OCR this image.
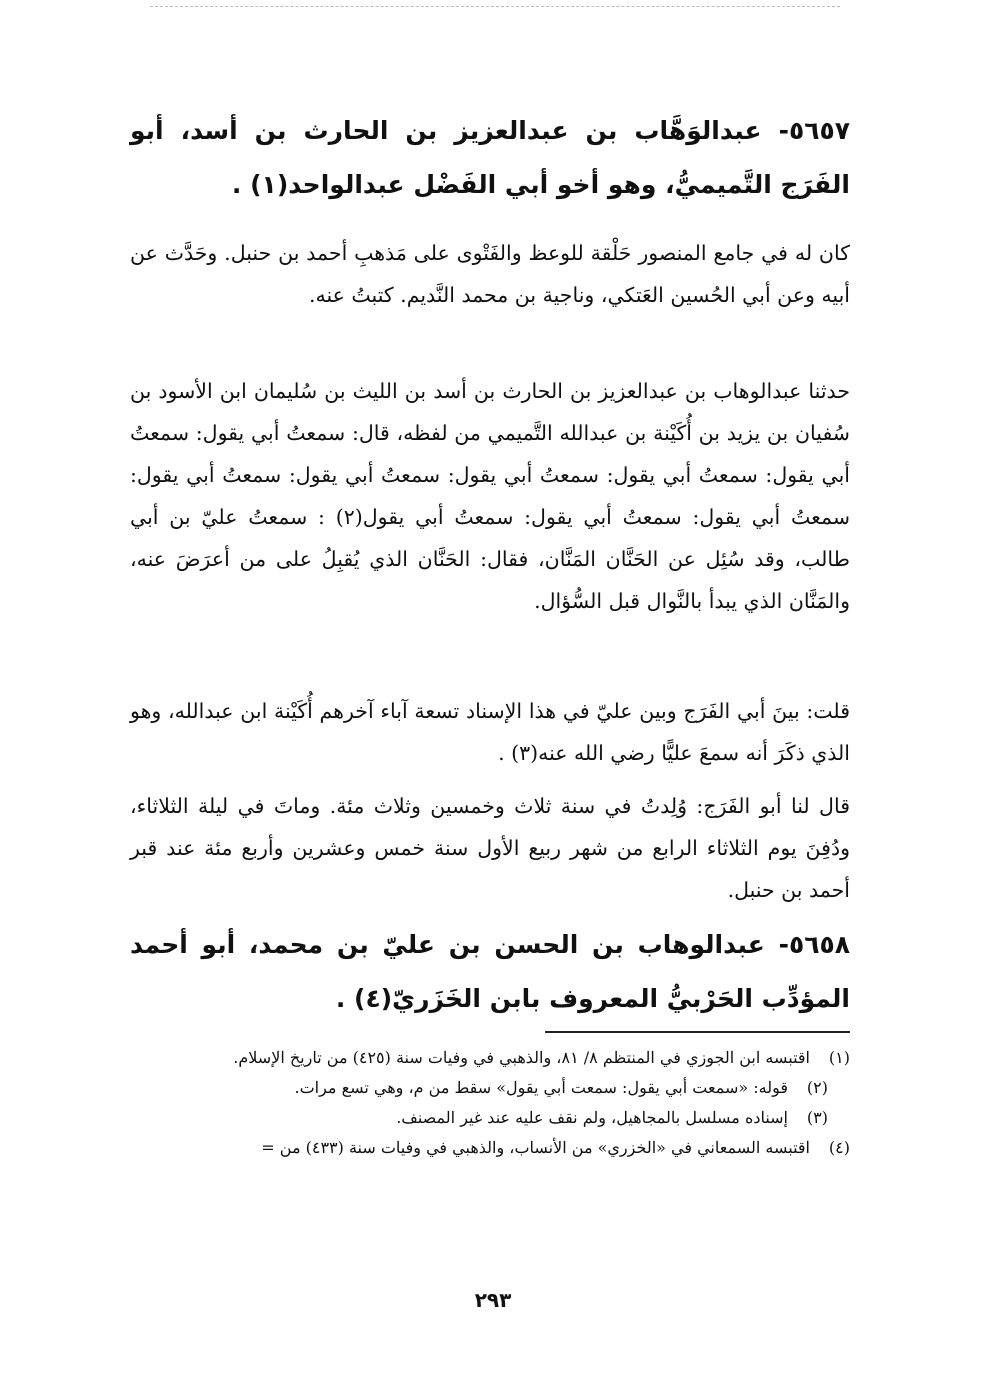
٥٦٥٧- عبدالوَهَّاب بن عبدالعزيز بن الحارث بن أسد، أبو الفَرَج التَّميميُّ، وهو أخو أبي الفَضْل عبدالواحد(١) .
كان له في جامع المنصور حَلْقة للوعظ والفَتْوى على مَذهبِ أحمد بن حنبل. وحَدَّث عن أبيه وعن أبي الحُسين العَتكي، وناجية بن محمد النَّديم. كتبتُ عنه.
حدثنا عبدالوهاب بن عبدالعزيز بن الحارث بن أسد بن الليث بن سُليمان ابن الأسود بن سُفيان بن يزيد بن أُكَيْنة بن عبدالله التَّميمي من لفظه، قال: سمعتُ أبي يقول: سمعتُ أبي يقول: سمعتُ أبي يقول: سمعتُ أبي يقول: سمعتُ أبي يقول: سمعتُ أبي يقول: سمعتُ أبي يقول: سمعتُ أبي يقول: سمعتُ أبي يقول(٢) : سمعتُ عليّ بن أبي طالب، وقد سُئِل عن الحَنَّان المَنَّان، فقال: الحَنَّان الذي يُقبِلُ على من أعرَضَ عنه، والمَنَّان الذي يبدأ بالنَّوال قبل السُّؤال.
قلت: بينَ أبي الفَرَج وبين عليّ في هذا الإسناد تسعة آباء آخرهم أُكَيْنة ابن عبدالله، وهو الذي ذكَرَ أنه سمعَ عليًّا رضي الله عنه(٣) .
قال لنا أبو الفَرَج: وُلِدتُ في سنة ثلاث وخمسين وثلاث مئة. وماتَ في ليلة الثلاثاء، ودُفِنَ يوم الثلاثاء الرابع من شهر ربيع الأول سنة خمس وعشرين وأربع مئة عند قبر أحمد بن حنبل.
٥٦٥٨- عبدالوهاب بن الحسن بن عليّ بن محمد، أبو أحمد المؤدِّب الحَرْبيُّ المعروف بابن الخَزَريّ(٤) .
(١)
اقتبسه ابن الجوزي في المنتظم ٨/ ٨١، والذهبي في وفيات سنة (٤٢٥) من تاريخ الإسلام.
(٢)
قوله: «سمعت أبي يقول: سمعت أبي يقول» سقط من م، وهي تسع مرات.
(٣)
إسناده مسلسل بالمجاهيل، ولم نقف عليه عند غير المصنف.
(٤)
اقتبسه السمعاني في «الخزري» من الأنساب، والذهبي في وفيات سنة (٤٣٣) من =
٢٩٣
